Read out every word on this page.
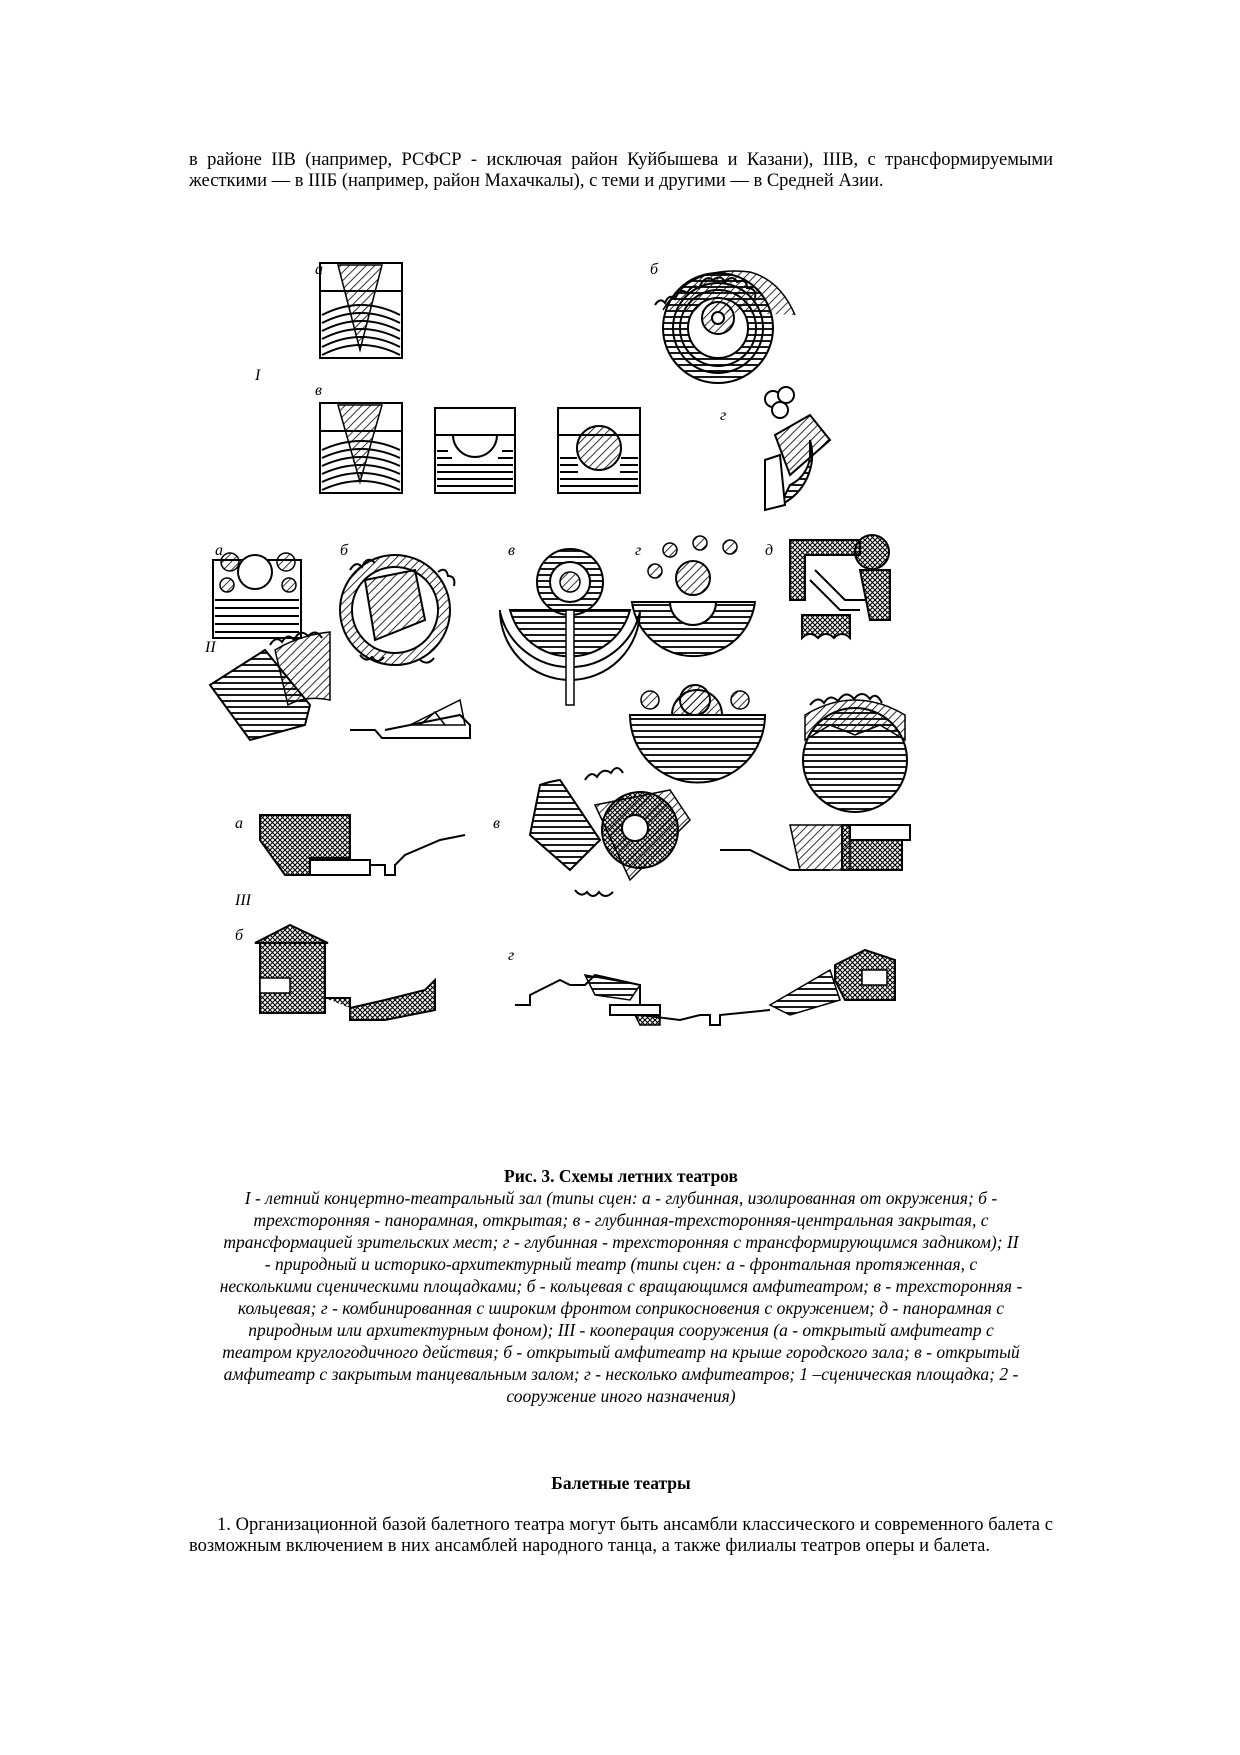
в районе IIВ (например, РСФСР - исключая район Куйбышева и Казани), IIIВ, с трансформируемыми жесткими — в IIIБ (например, район Махачкалы), с теми и другими — в Средней Азии.
а
в
б
г
I
а	б	в	г	д
II
а	в
III
б
г
Рис. 3. Схемы летних театров
I - летний концертно-театральный зал (типы сцен: а - глубинная, изолированная от окружения; б - трехсторонняя - панорамная, открытая; в - глубинная-трехсторонняя-центральная закрытая, с трансформацией зрительских мест; г - глубинная - трехсторонняя с трансформирующимся задником); II - природный и историко-архитектурный театр (типы сцен: а - фронтальная протяженная, с несколькими сценическими площадками; б - кольцевая с вращающимся амфитеатром; в - трехсторонняя - кольцевая; г - комбинированная с широким фронтом соприкосновения с окружением; д - панорамная с природным или архитектурным фоном); III - кооперация сооружения (а - открытый амфитеатр с театром круглогодичного действия; б - открытый амфитеатр на крыше городского зала; в - открытый амфитеатр с закрытым танцевальным залом; г - несколько амфитеатров; 1 –сценическая площадка; 2 - сооружение иного назначения)
Балетные театры
1. Организационной базой балетного театра могут быть ансамбли классического и современного балета с возможным включением в них ансамблей народного танца, а также филиалы театров оперы и балета.
